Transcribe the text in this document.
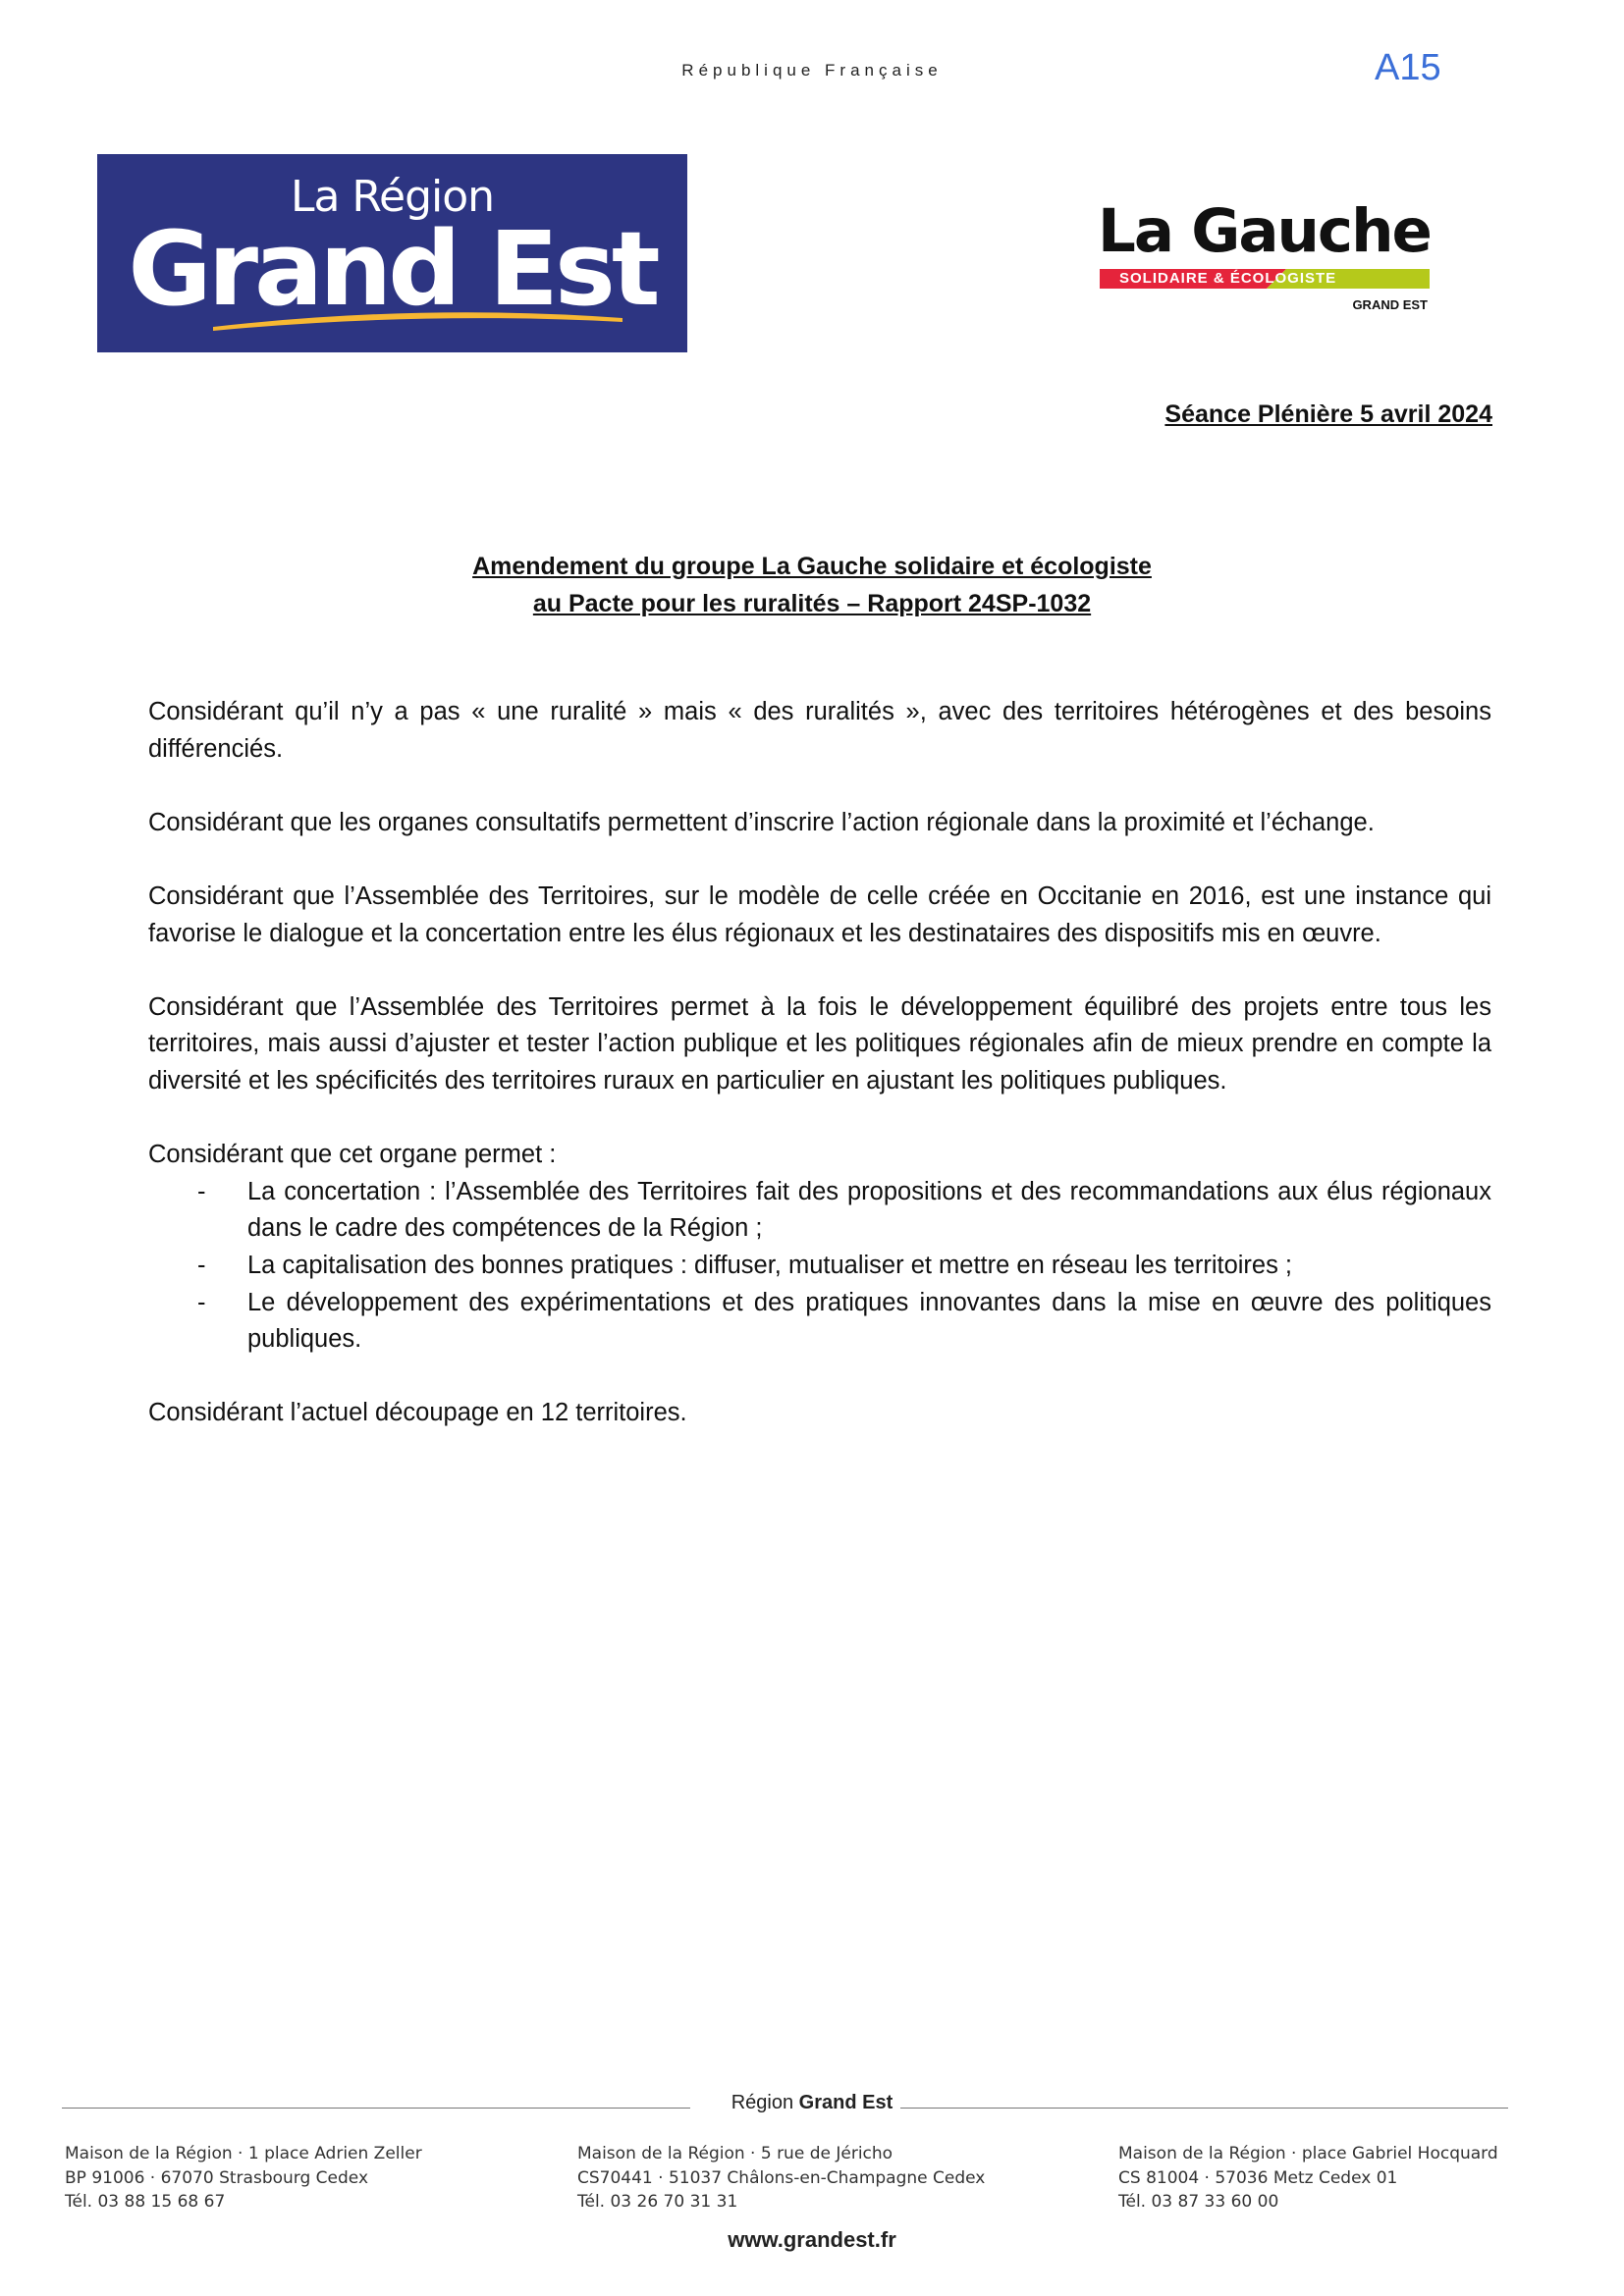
République Française	A15
La Région
Grand Est	La Gauche
SOLIDAIRE & ÉCOLOGISTE
GRAND EST
Séance Plénière 5 avril 2024
Amendement du groupe La Gauche solidaire et écologiste
au Pacte pour les ruralités – Rapport 24SP-1032

Considérant qu’il n’y a pas « une ruralité » mais « des ruralités », avec des territoires hétérogènes et des besoins différenciés.

Considérant que les organes consultatifs permettent d’inscrire l’action régionale dans la proximité et l’échange.

Considérant que l’Assemblée des Territoires, sur le modèle de celle créée en Occitanie en 2016, est une instance qui favorise le dialogue et la concertation entre les élus régionaux et les destinataires des dispositifs mis en œuvre.

Considérant que l’Assemblée des Territoires permet à la fois le développement équilibré des projets entre tous les territoires, mais aussi d’ajuster et tester l’action publique et les politiques régionales afin de mieux prendre en compte la diversité et les spécificités des territoires ruraux en particulier en ajustant les politiques publiques.

Considérant que cet organe permet :

- La concertation : l’Assemblée des Territoires fait des propositions et des recommandations aux élus régionaux dans le cadre des compétences de la Région ;
- La capitalisation des bonnes pratiques : diffuser, mutualiser et mettre en réseau les territoires ;
- Le développement des expérimentations et des pratiques innovantes dans la mise en œuvre des politiques publiques.

Considérant l’actuel découpage en 12 territoires.

Région Grand Est
Maison de la Région · 1 place Adrien Zeller
BP 91006 · 67070 Strasbourg Cedex
Tél. 03 88 15 68 67
Maison de la Région · 5 rue de Jéricho
CS70441 · 51037 Châlons-en-Champagne Cedex
Tél. 03 26 70 31 31
Maison de la Région · place Gabriel Hocquard
CS 81004 · 57036 Metz Cedex 01
Tél. 03 87 33 60 00
www.grandest.fr
